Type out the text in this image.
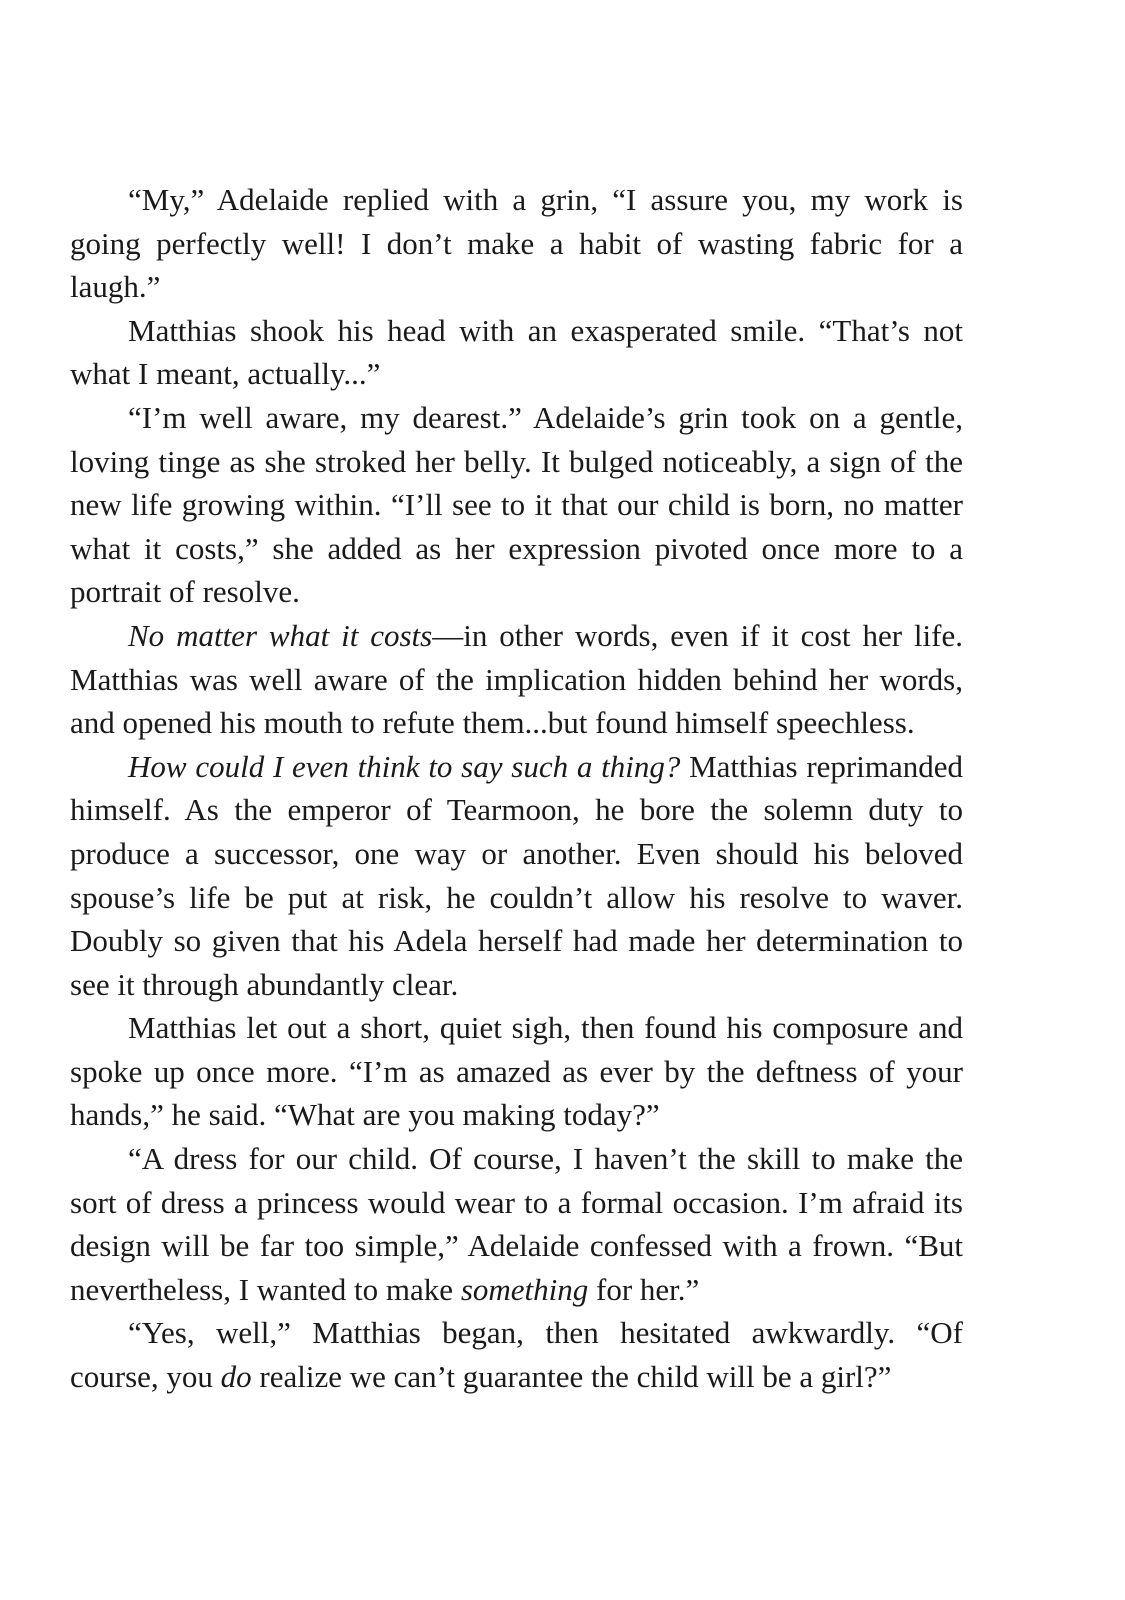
“My,” Adelaide replied with a grin, “I assure you, my work is going perfectly well! I don’t make a habit of wasting fabric for a laugh.”

Matthias shook his head with an exasperated smile. “That’s not what I meant, actually...”

“I’m well aware, my dearest.” Adelaide’s grin took on a gentle, loving tinge as she stroked her belly. It bulged noticeably, a sign of the new life growing within. “I’ll see to it that our child is born, no matter what it costs,” she added as her expression pivoted once more to a portrait of resolve.

No matter what it costs—in other words, even if it cost her life. Matthias was well aware of the implication hidden behind her words, and opened his mouth to refute them...but found himself speechless.

How could I even think to say such a thing? Matthias reprimanded himself. As the emperor of Tearmoon, he bore the solemn duty to produce a successor, one way or another. Even should his beloved spouse’s life be put at risk, he couldn’t allow his resolve to waver. Doubly so given that his Adela herself had made her determination to see it through abundantly clear.

Matthias let out a short, quiet sigh, then found his composure and spoke up once more. “I’m as amazed as ever by the deftness of your hands,” he said. “What are you making today?”

“A dress for our child. Of course, I haven’t the skill to make the sort of dress a princess would wear to a formal occasion. I’m afraid its design will be far too simple,” Adelaide confessed with a frown. “But nevertheless, I wanted to make something for her.”

“Yes, well,” Matthias began, then hesitated awkwardly. “Of course, you do realize we can’t guarantee the child will be a girl?”
